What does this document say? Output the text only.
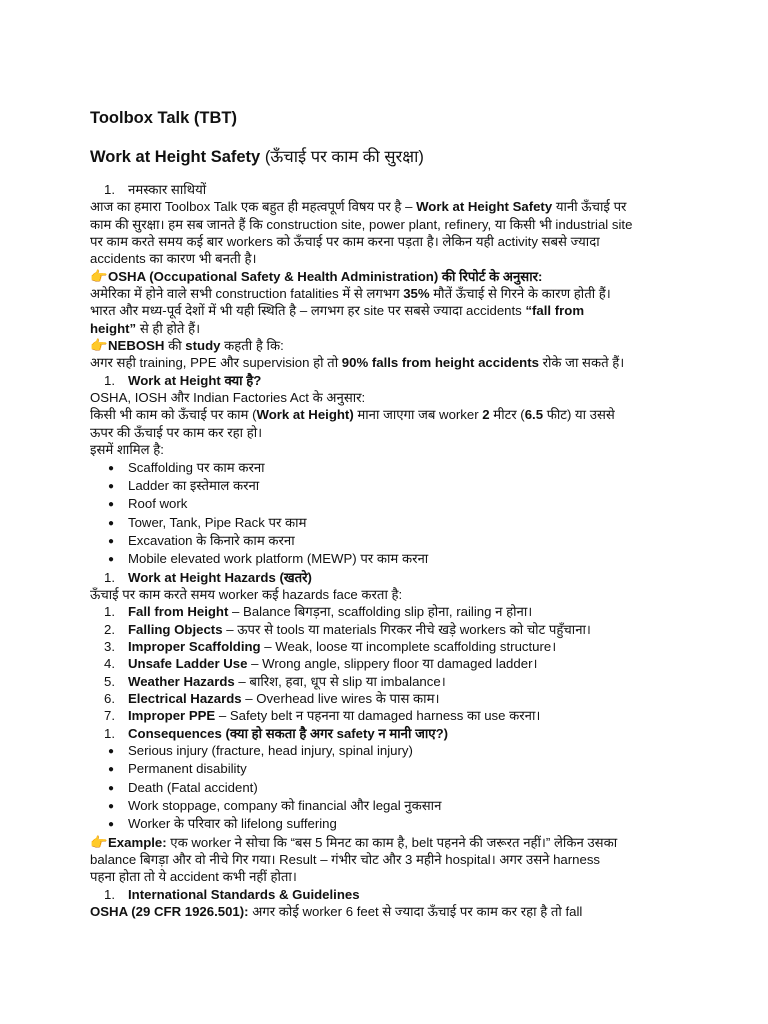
Toolbox Talk (TBT)
Work at Height Safety (ऊँचाई पर काम की सुरक्षा)
1. नमस्कार साथियों
आज का हमारा Toolbox Talk एक बहुत ही महत्वपूर्ण विषय पर है – Work at Height Safety यानी ऊँचाई पर
काम की सुरक्षा। हम सब जानते हैं कि construction site, power plant, refinery, या किसी भी industrial site
पर काम करते समय कई बार workers को ऊँचाई पर काम करना पड़ता है। लेकिन यही activity सबसे ज्यादा
accidents का कारण भी बनती है।
👉OSHA (Occupational Safety & Health Administration) की रिपोर्ट के अनुसार:
अमेरिका में होने वाले सभी construction fatalities में से लगभग 35% मौतें ऊँचाई से गिरने के कारण होती हैं।
भारत और मध्य-पूर्व देशों में भी यही स्थिति है – लगभग हर site पर सबसे ज्यादा accidents “fall from
height” से ही होते हैं।
👉NEBOSH की study कहती है कि:
अगर सही training, PPE और supervision हो तो 90% falls from height accidents रोके जा सकते हैं।
1. Work at Height क्या है?
OSHA, IOSH और Indian Factories Act के अनुसार:
किसी भी काम को ऊँचाई पर काम (Work at Height) माना जाएगा जब worker 2 मीटर (6.5 फीट) या उससे
ऊपर की ऊँचाई पर काम कर रहा हो।
इसमें शामिल है:
● Scaffolding पर काम करना
● Ladder का इस्तेमाल करना
● Roof work
● Tower, Tank, Pipe Rack पर काम
● Excavation के किनारे काम करना
● Mobile elevated work platform (MEWP) पर काम करना
1. Work at Height Hazards (खतरे)
ऊँचाई पर काम करते समय worker कई hazards face करता है:
1. Fall from Height – Balance बिगड़ना, scaffolding slip होना, railing न होना।
2. Falling Objects – ऊपर से tools या materials गिरकर नीचे खड़े workers को चोट पहुँचाना।
3. Improper Scaffolding – Weak, loose या incomplete scaffolding structure।
4. Unsafe Ladder Use – Wrong angle, slippery floor या damaged ladder।
5. Weather Hazards – बारिश, हवा, धूप से slip या imbalance।
6. Electrical Hazards – Overhead live wires के पास काम।
7. Improper PPE – Safety belt न पहनना या damaged harness का use करना।
1. Consequences (क्या हो सकता है अगर safety न मानी जाए?)
● Serious injury (fracture, head injury, spinal injury)
● Permanent disability
● Death (Fatal accident)
● Work stoppage, company को financial और legal नुकसान
● Worker के परिवार को lifelong suffering
👉Example: एक worker ने सोचा कि “बस 5 मिनट का काम है, belt पहनने की जरूरत नहीं।” लेकिन उसका
balance बिगड़ा और वो नीचे गिर गया। Result – गंभीर चोट और 3 महीने hospital। अगर उसने harness
पहना होता तो ये accident कभी नहीं होता।
1. International Standards & Guidelines
OSHA (29 CFR 1926.501): अगर कोई worker 6 feet से ज्यादा ऊँचाई पर काम कर रहा है तो fall
